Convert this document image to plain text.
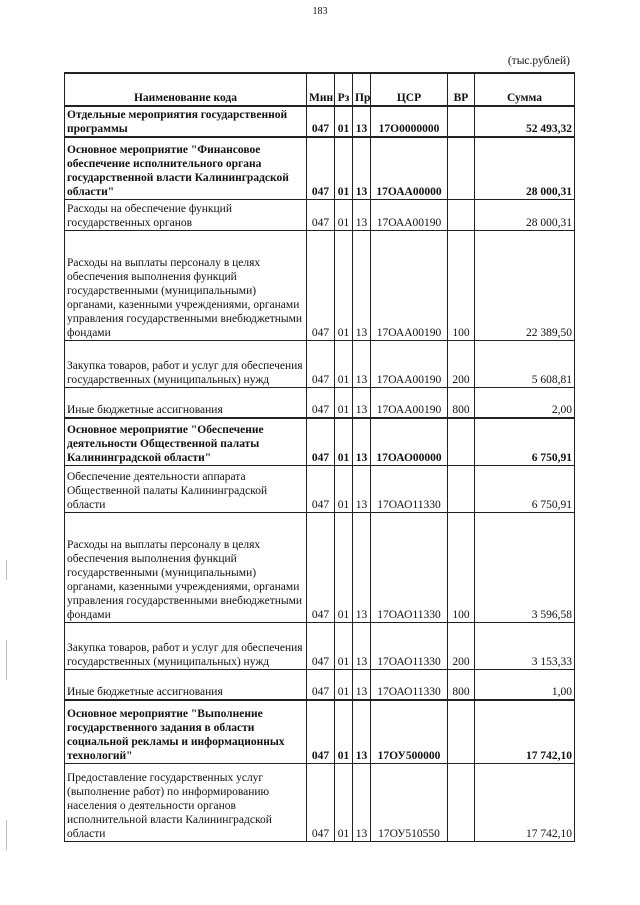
183
(тыс.рублей)
Наименование кода	Мин	Рз	Пр	ЦСР	ВР	Сумма
Отдельные мероприятия государственной программы	047	01	13	17О0000000		52 493,32
Основное мероприятие "Финансовое обеспечение исполнительного органа государственной власти Калининградской области"	047	01	13	17ОАА00000		28 000,31
Расходы на обеспечение функций государственных органов	047	01	13	17ОАА00190		28 000,31
Расходы на выплаты персоналу в целях обеспечения выполнения функций государственными (муниципальными) органами, казенными учреждениями, органами управления государственными внебюджетными фондами	047	01	13	17ОАА00190	100	22 389,50
Закупка товаров, работ и услуг для обеспечения государственных (муниципальных) нужд	047	01	13	17ОАА00190	200	5 608,81
Иные бюджетные ассигнования	047	01	13	17ОАА00190	800	2,00
Основное мероприятие "Обеспечение деятельности Общественной палаты Калининградской области"	047	01	13	17ОАО00000		6 750,91
Обеспечение деятельности аппарата Общественной палаты Калининградской области	047	01	13	17ОАО11330		6 750,91
Расходы на выплаты персоналу в целях обеспечения выполнения функций государственными (муниципальными) органами, казенными учреждениями, органами управления государственными внебюджетными фондами	047	01	13	17ОАО11330	100	3 596,58
Закупка товаров, работ и услуг для обеспечения государственных (муниципальных) нужд	047	01	13	17ОАО11330	200	3 153,33
Иные бюджетные ассигнования	047	01	13	17ОАО11330	800	1,00
Основное мероприятие "Выполнение государственного задания в области социальной рекламы и информационных технологий"	047	01	13	17ОУ500000		17 742,10
Предоставление государственных услуг (выполнение работ) по информированию населения о деятельности органов исполнительной власти Калининградской области	047	01	13	17ОУ510550		17 742,10
